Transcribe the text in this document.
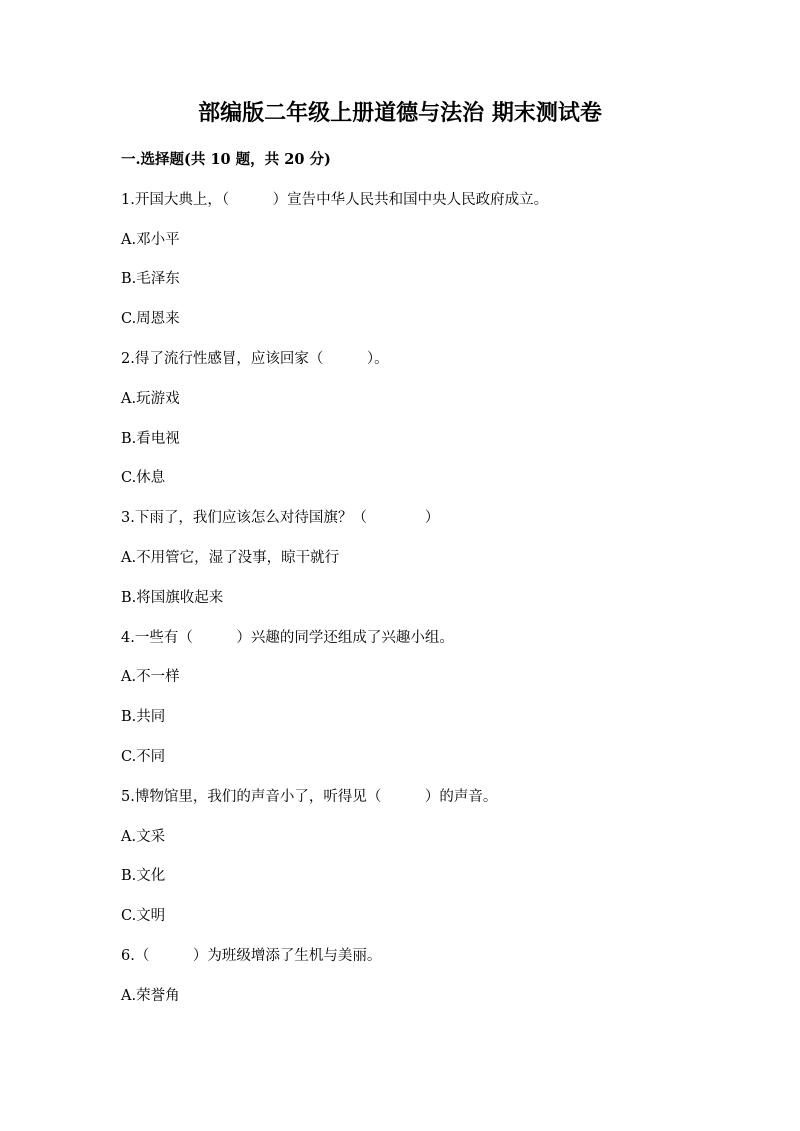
部编版二年级上册道德与法治 期末测试卷
一.选择题(共 10 题，共 20 分)
1.开国大典上，（　　　）宣告中华人民共和国中央人民政府成立。
A.邓小平
B.毛泽东
C.周恩来
2.得了流行性感冒，应该回家（　　　）。
A.玩游戏
B.看电视
C.休息
3.下雨了，我们应该怎么对待国旗？（　　　　）
A.不用管它，湿了没事，晾干就行
B.将国旗收起来
4.一些有（　　　）兴趣的同学还组成了兴趣小组。
A.不一样
B.共同
C.不同
5.博物馆里，我们的声音小了，听得见（　　　）的声音。
A.文采
B.文化
C.文明
6.（　　　）为班级增添了生机与美丽。
A.荣誉角
